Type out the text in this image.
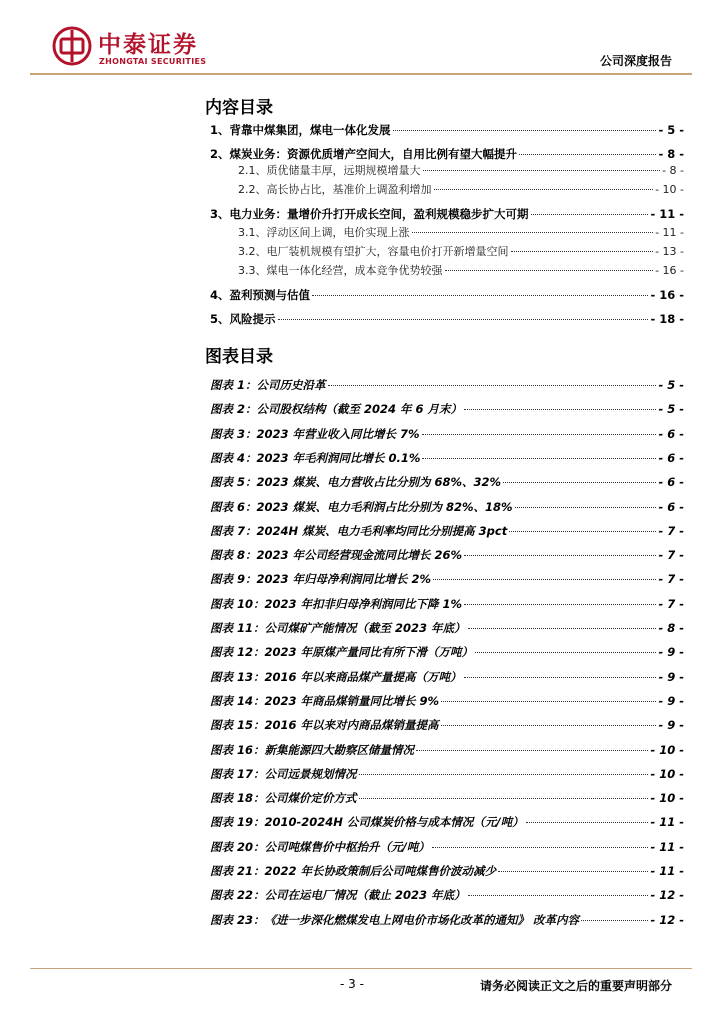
中泰证券
ZHONGTAI SECURITIES	公司深度报告
内容目录
图表目录
1、背靠中煤集团，煤电一体化发展	- 5 -
2、煤炭业务：资源优质增产空间大，自用比例有望大幅提升	- 8 -
2.1、质优储量丰厚，远期规模增量大	- 8 -
2.2、高长协占比，基准价上调盈利增加	- 10 -
3、电力业务：量增价升打开成长空间，盈利规模稳步扩大可期	- 11 -
3.1、浮动区间上调，电价实现上涨	- 11 -
3.2、电厂装机规模有望扩大，容量电价打开新增量空间	- 13 -
3.3、煤电一体化经营，成本竞争优势较强	- 16 -
4、盈利预测与估值	- 16 -
5、风险提示	- 18 -
图表 1：公司历史沿革	- 5 -
图表 2：公司股权结构（截至 2024 年 6 月末）	- 5 -
图表 3：2023 年营业收入同比增长 7%	- 6 -
图表 4：2023 年毛利润同比增长 0.1%	- 6 -
图表 5：2023 煤炭、电力营收占比分别为 68%、32%	- 6 -
图表 6：2023 煤炭、电力毛利润占比分别为 82%、18%	- 6 -
图表 7：2024H 煤炭、电力毛利率均同比分别提高 3pct	- 7 -
图表 8：2023 年公司经营现金流同比增长 26%	- 7 -
图表 9：2023 年归母净利润同比增长 2%	- 7 -
图表 10：2023 年扣非归母净利润同比下降 1%	- 7 -
图表 11：公司煤矿产能情况（截至 2023 年底）	- 8 -
图表 12：2023 年原煤产量同比有所下滑（万吨）	- 9 -
图表 13：2016 年以来商品煤产量提高（万吨）	- 9 -
图表 14：2023 年商品煤销量同比增长 9%	- 9 -
图表 15：2016 年以来对内商品煤销量提高	- 9 -
图表 16：新集能源四大勘察区储量情况	- 10 -
图表 17：公司远景规划情况	- 10 -
图表 18：公司煤价定价方式	- 10 -
图表 19：2010-2024H 公司煤炭价格与成本情况（元/吨）	- 11 -
图表 20：公司吨煤售价中枢抬升（元/吨）	- 11 -
图表 21：2022 年长协政策制后公司吨煤售价波动减少	- 11 -
图表 22：公司在运电厂情况（截止 2023 年底）	- 12 -
图表 23：《进一步深化燃煤发电上网电价市场化改革的通知》 改革内容	- 12 -
- 3 -	请务必阅读正文之后的重要声明部分
